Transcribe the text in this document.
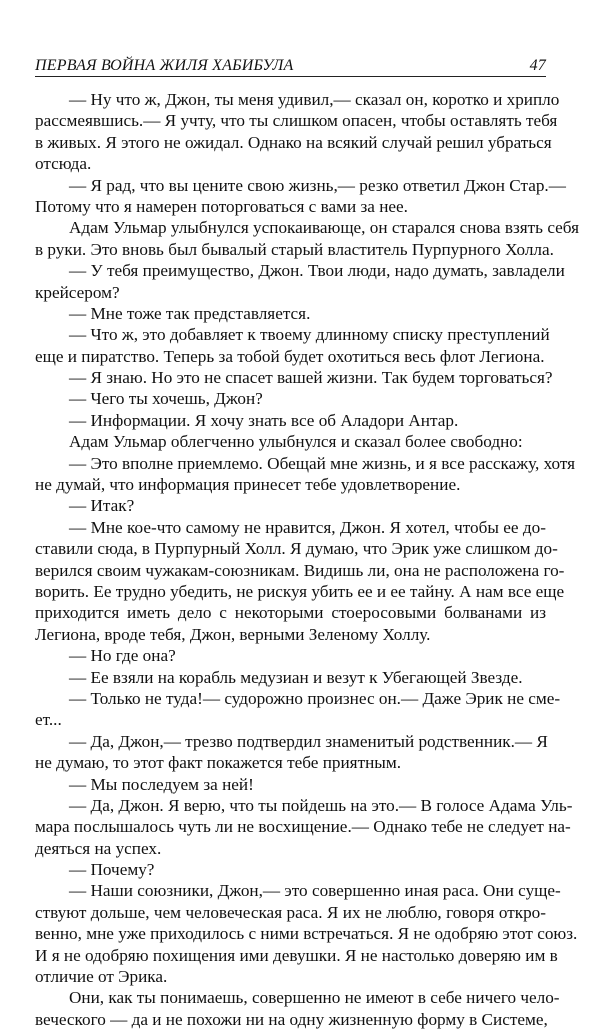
ПЕРВАЯ ВОЙНА ЖИЛЯ ХАБИБУЛА	47
— Ну что ж, Джон, ты меня удивил,— сказал он, коротко и хрипло
рассмеявшись.— Я учту, что ты слишком опасен, чтобы оставлять тебя
в живых. Я этого не ожидал. Однако на всякий случай решил убраться
отсюда.
— Я рад, что вы цените свою жизнь,— резко ответил Джон Стар.—
Потому что я намерен поторговаться с вами за нее.
Адам Ульмар улыбнулся успокаивающе, он старался снова взять себя
в руки. Это вновь был бывалый старый властитель Пурпурного Холла.
— У тебя преимущество, Джон. Твои люди, надо думать, завладели
крейсером?
— Мне тоже так представляется.
— Что ж, это добавляет к твоему длинному списку преступлений
еще и пиратство. Теперь за тобой будет охотиться весь флот Легиона.
— Я знаю. Но это не спасет вашей жизни. Так будем торговаться?
— Чего ты хочешь, Джон?
— Информации. Я хочу знать все об Аладори Антар.
Адам Ульмар облегченно улыбнулся и сказал более свободно:
— Это вполне приемлемо. Обещай мне жизнь, и я все расскажу, хотя
не думай, что информация принесет тебе удовлетворение.
— Итак?
— Мне кое-что самому не нравится, Джон. Я хотел, чтобы ее до-
ставили сюда, в Пурпурный Холл. Я думаю, что Эрик уже слишком до-
верился своим чужакам-союзникам. Видишь ли, она не расположена го-
ворить. Ее трудно убедить, не рискуя убить ее и ее тайну. А нам все еще
приходится иметь дело с некоторыми стоеросовыми болванами из
Легиона, вроде тебя, Джон, верными Зеленому Холлу.
— Но где она?
— Ее взяли на корабль медузиан и везут к Убегающей Звезде.
— Только не туда!— судорожно произнес он.— Даже Эрик не сме-
ет...
— Да, Джон,— трезво подтвердил знаменитый родственник.— Я
не думаю, то этот факт покажется тебе приятным.
— Мы последуем за ней!
— Да, Джон. Я верю, что ты пойдешь на это.— В голосе Адама Уль-
мара послышалось чуть ли не восхищение.— Однако тебе не следует на-
деяться на успех.
— Почему?
— Наши союзники, Джон,— это совершенно иная раса. Они суще-
ствуют дольше, чем человеческая раса. Я их не люблю, говоря откро-
венно, мне уже приходилось с ними встречаться. Я не одобряю этот союз.
И я не одобряю похищения ими девушки. Я не настолько доверяю им в
отличие от Эрика.
Они, как ты понимаешь, совершенно не имеют в себе ничего чело-
веческого — да и не похожи ни на одну жизненную форму в Системе,
